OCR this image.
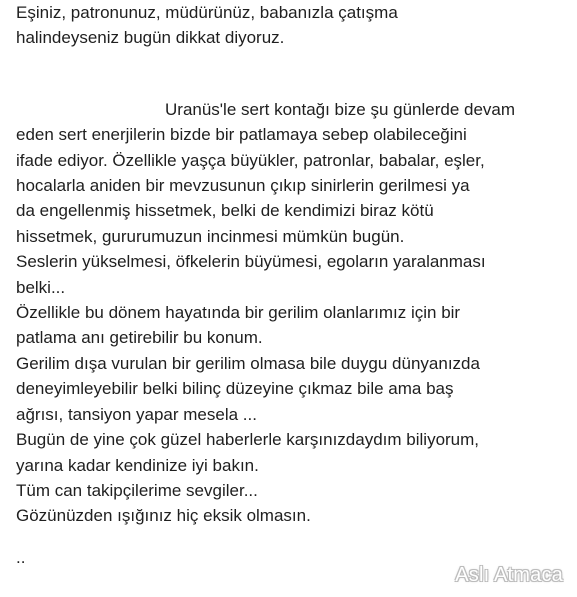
Eşiniz, patronunuz, müdürünüz, babanızla çatışma
halindeyseniz bugün dikkat diyoruz.
Uranüs'le sert kontağı bize şu günlerde devam
eden sert enerjilerin bizde bir patlamaya sebep olabileceğini
ifade ediyor. Özellikle yaşça büyükler, patronlar, babalar, eşler,
hocalarla aniden bir mevzusunun çıkıp sinirlerin gerilmesi ya
da engellenmiş hissetmek, belki de kendimizi biraz kötü
hissetmek, gururumuzun incinmesi mümkün bugün.
Seslerin yükselmesi, öfkelerin büyümesi, egoların yaralanması
belki...
Özellikle bu dönem hayatında bir gerilim olanlarımız için bir
patlama anı getirebilir bu konum.
Gerilim dışa vurulan bir gerilim olmasa bile duygu dünyanızda
deneyimleyebilir belki bilinç düzeyine çıkmaz bile ama baş
ağrısı, tansiyon yapar mesela ...
Bugün de yine çok güzel haberlerle karşınızdaydım biliyorum,
yarına kadar kendinize iyi bakın.
Tüm can takipçilerime sevgiler...
Gözünüzden ışığınız hiç eksik olmasın.
..
Aslı Atmaca
